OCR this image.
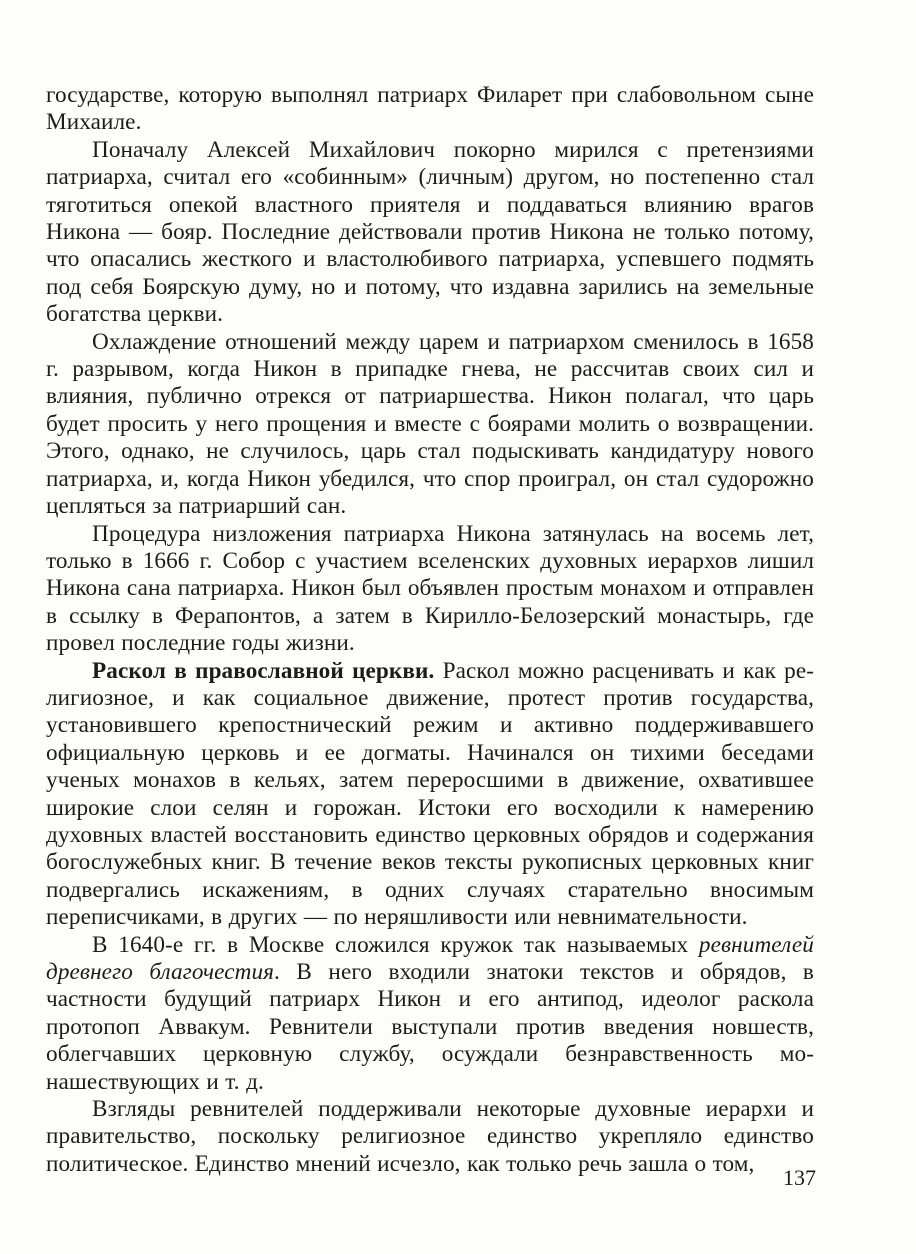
государстве, которую выполнял патриарх Филарет при слабовольном сыне Михаиле.

Поначалу Алексей Михайлович покорно мирился с претензиями патриарха, считал его «собинным» (личным) другом, но постепенно стал тяготиться опекой властного приятеля и поддаваться влиянию врагов Никона — бояр. Последние действовали против Никона не только потому, что опасались жесткого и властолюбивого патриарха, успевшего подмять под себя Боярскую думу, но и потому, что издавна зарились на земельные богатства церкви.

Охлаждение отношений между царем и патриархом сменилось в 1658 г. разрывом, когда Никон в припадке гнева, не рассчитав своих сил и влияния, публично отрекся от патриаршества. Никон полагал, что царь будет просить у него прощения и вместе с боярами молить о возвращении. Этого, однако, не случилось, царь стал подыскивать кандидатуру нового патриарха, и, когда Никон убедился, что спор проиграл, он стал судорожно цепляться за патриарший сан.

Процедура низложения патриарха Никона затянулась на восемь лет, только в 1666 г. Собор с участием вселенских духовных иерархов лишил Никона сана патриарха. Никон был объявлен простым монахом и отправлен в ссылку в Ферапонтов, а затем в Кирилло-Белозерский монастырь, где провел последние годы жизни.

Раскол в православной церкви. Раскол можно расценивать и как религиозное, и как социальное движение, протест против государства, установившего крепостнический режим и активно поддерживавшего официальную церковь и ее догматы. Начинался он тихими беседами ученых монахов в кельях, затем переросшими в движение, охватившее широкие слои селян и горожан. Истоки его восходили к намерению духовных властей восстановить единство церковных обрядов и содержания богослужебных книг. В течение веков тексты рукописных церковных книг подвергались искажениям, в одних случаях старательно вносимым переписчиками, в других — по неряшливости или невнимательности.

В 1640-е гг. в Москве сложился кружок так называемых ревнителей древнего благочестия. В него входили знатоки текстов и обрядов, в частности будущий патриарх Никон и его антипод, идеолог раскола протопоп Аввакум. Ревнители выступали против введения новшеств, облегчавших церковную службу, осуждали безнравственность монашествующих и т. д.

Взгляды ревнителей поддерживали некоторые духовные иерархи и правительство, поскольку религиозное единство укрепляло единство политическое. Единство мнений исчезло, как только речь зашла о том,

137
